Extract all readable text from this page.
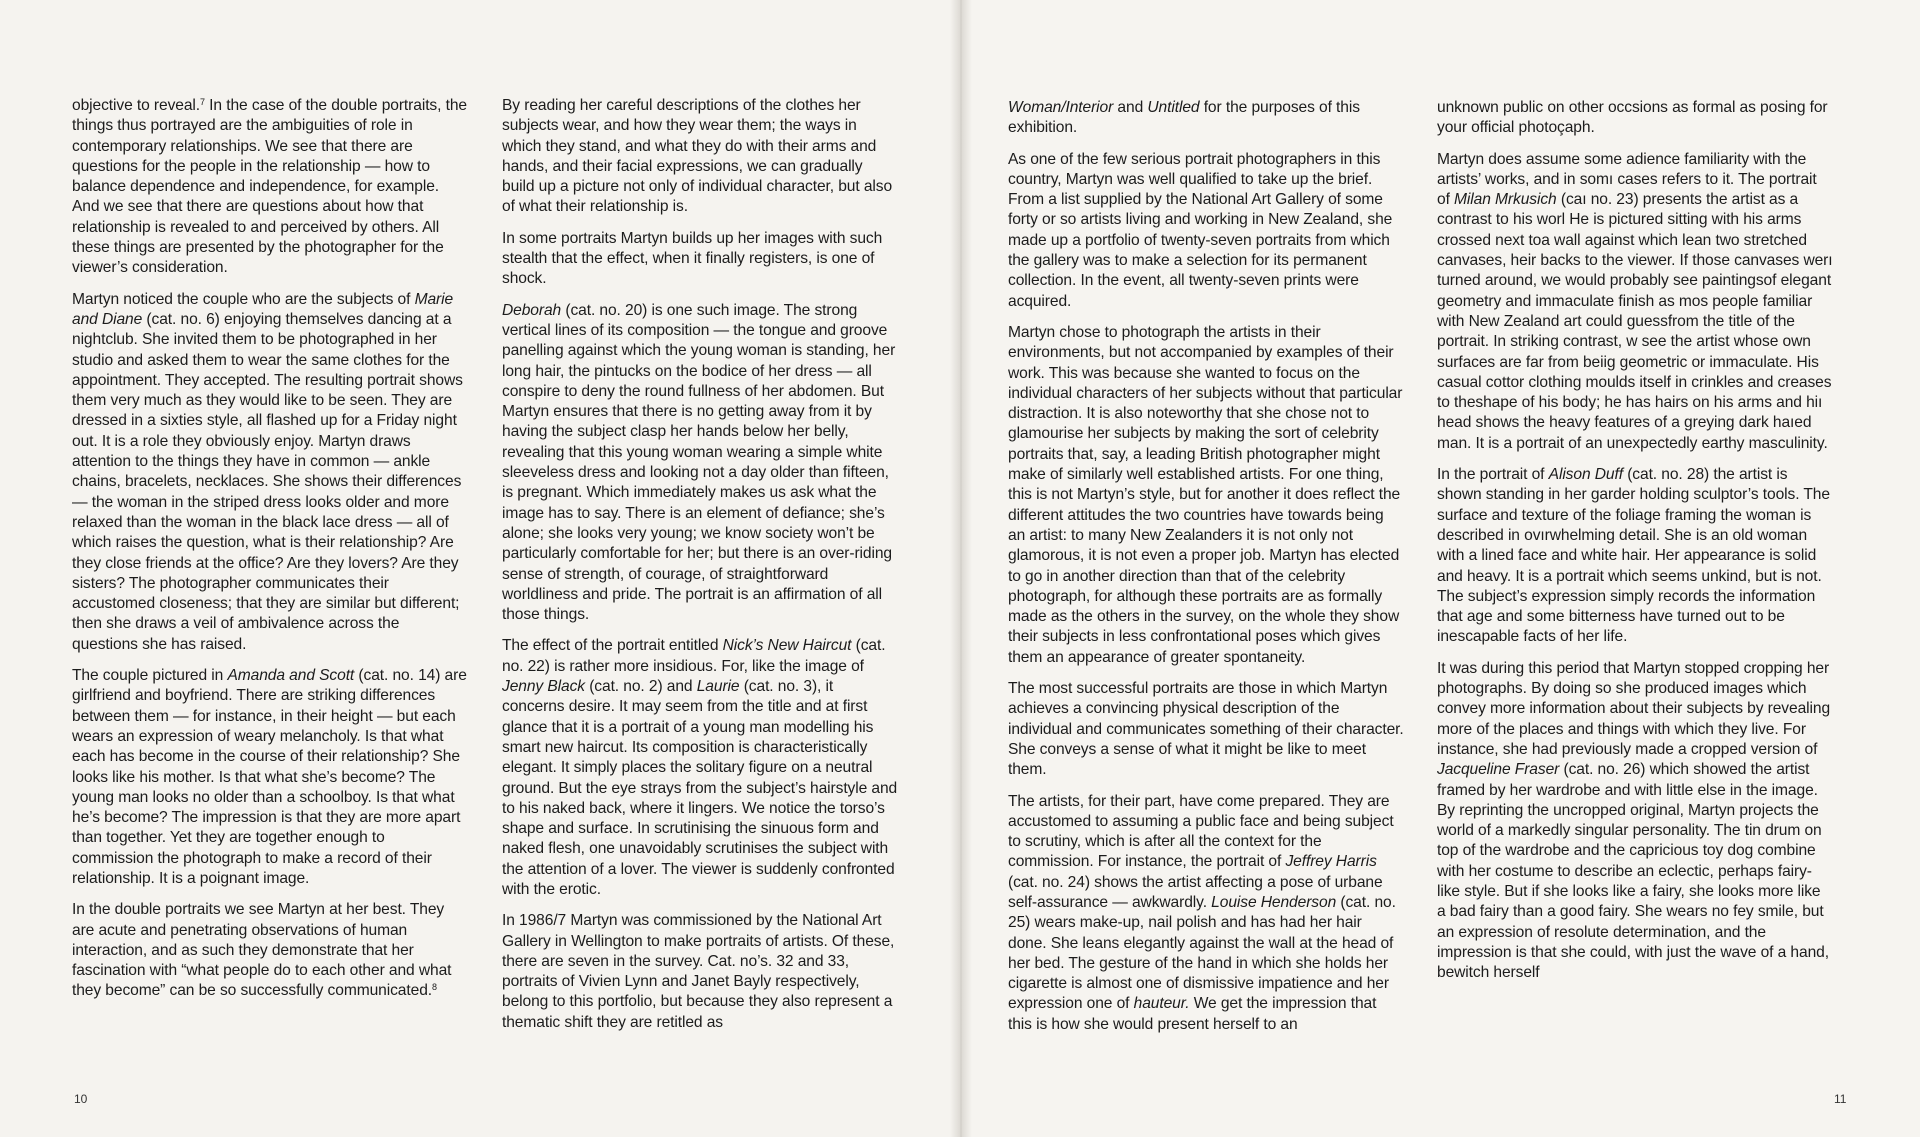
objective to reveal.$^7$ In the case of the double portraits, the things thus portrayed are the ambiguities of role in contemporary relationships. We see that there are questions for the people in the relationship — how to balance dependence and independence, for example. And we see that there are questions about how that relationship is revealed to and perceived by others. All these things are presented by the photographer for the viewer’s consideration.

Martyn noticed the couple who are the subjects of Marie and Diane (cat. no. 6) enjoying themselves dancing at a nightclub. She invited them to be photographed in her studio and asked them to wear the same clothes for the appointment. They accepted. The resulting portrait shows them very much as they would like to be seen. They are dressed in a sixties style, all flashed up for a Friday night out. It is a role they obviously enjoy. Martyn draws attention to the things they have in common — ankle chains, bracelets, necklaces. She shows their differences — the woman in the striped dress looks older and more relaxed than the woman in the black lace dress — all of which raises the question, what is their relationship? Are they close friends at the office? Are they lovers? Are they sisters? The photographer communicates their accustomed closeness; that they are similar but different; then she draws a veil of ambivalence across the questions she has raised.

The couple pictured in Amanda and Scott (cat. no. 14) are girlfriend and boyfriend. There are striking differences between them — for instance, in their height — but each wears an expression of weary melancholy. Is that what each has become in the course of their relationship? She looks like his mother. Is that what she’s become? The young man looks no older than a schoolboy. Is that what he’s become? The impression is that they are more apart than together. Yet they are together enough to commission the photograph to make a record of their relationship. It is a poignant image.

In the double portraits we see Martyn at her best. They are acute and penetrating observations of human interaction, and as such they demonstrate that her fascination with “what people do to each other and what they become” can be so successfully communicated.$^8$

By reading her careful descriptions of the clothes her subjects wear, and how they wear them; the ways in which they stand, and what they do with their arms and hands, and their facial expressions, we can gradually build up a picture not only of individual character, but also of what their relationship is.

In some portraits Martyn builds up her images with such stealth that the effect, when it finally registers, is one of shock.

Deborah (cat. no. 20) is one such image. The strong vertical lines of its composition — the tongue and groove panelling against which the young woman is standing, her long hair, the pintucks on the bodice of her dress — all conspire to deny the round fullness of her abdomen. But Martyn ensures that there is no getting away from it by having the subject clasp her hands below her belly, revealing that this young woman wearing a simple white sleeveless dress and looking not a day older than fifteen, is pregnant. Which immediately makes us ask what the image has to say. There is an element of defiance; she’s alone; she looks very young; we know society won’t be particularly comfortable for her; but there is an over-riding sense of strength, of courage, of straightforward worldliness and pride. The portrait is an affirmation of all those things.

The effect of the portrait entitled Nick’s New Haircut (cat. no. 22) is rather more insidious. For, like the image of Jenny Black (cat. no. 2) and Laurie (cat. no. 3), it concerns desire. It may seem from the title and at first glance that it is a portrait of a young man modelling his smart new haircut. Its composition is characteristically elegant. It simply places the solitary figure on a neutral ground. But the eye strays from the subject’s hairstyle and to his naked back, where it lingers. We notice the torso’s shape and surface. In scrutinising the sinuous form and naked flesh, one unavoidably scrutinises the subject with the attention of a lover. The viewer is suddenly confronted with the erotic.

In 1986/7 Martyn was commissioned by the National Art Gallery in Wellington to make portraits of artists. Of these, there are seven in the survey. Cat. no’s. 32 and 33, portraits of Vivien Lynn and Janet Bayly respectively, belong to this portfolio, but because they also represent a thematic shift they are retitled as

Woman/Interior and Untitled for the purposes of this exhibition.

As one of the few serious portrait photographers in this country, Martyn was well qualified to take up the brief. From a list supplied by the National Art Gallery of some forty or so artists living and working in New Zealand, she made up a portfolio of twenty-seven portraits from which the gallery was to make a selection for its permanent collection. In the event, all twenty-seven prints were acquired.

Martyn chose to photograph the artists in their environments, but not accompanied by examples of their work. This was because she wanted to focus on the individual characters of her subjects without that particular distraction. It is also noteworthy that she chose not to glamourise her subjects by making the sort of celebrity portraits that, say, a leading British photographer might make of similarly well established artists. For one thing, this is not Martyn’s style, but for another it does reflect the different attitudes the two countries have towards being an artist: to many New Zealanders it is not only not glamorous, it is not even a proper job. Martyn has elected to go in another direction than that of the celebrity photograph, for although these portraits are as formally made as the others in the survey, on the whole they show their subjects in less confrontational poses which gives them an appearance of greater spontaneity.

The most successful portraits are those in which Martyn achieves a convincing physical description of the individual and communicates something of their character. She conveys a sense of what it might be like to meet them.

The artists, for their part, have come prepared. They are accustomed to assuming a public face and being subject to scrutiny, which is after all the context for the commission. For instance, the portrait of Jeffrey Harris (cat. no. 24) shows the artist affecting a pose of urbane self-assurance — awkwardly. Louise Henderson (cat. no. 25) wears make-up, nail polish and has had her hair done. She leans elegantly against the wall at the head of her bed. The gesture of the hand in which she holds her cigarette is almost one of dismissive impatience and her expression one of hauteur. We get the impression that this is how she would present herself to an

unknown public on other occsions as formal as posing for your official photoçaph.

Martyn does assume some adience familiarity with the artists’ works, and in somı cases refers to it. The portrait of Milan Mrkusich (caı no. 23) presents the artist as a contrast to his worl He is pictured sitting with his arms crossed next toa wall against which lean two stretched canvases, heir backs to the viewer. If those canvases werı turned around, we would probably see paintingsof elegant geometry and immaculate finish as mos people familiar with New Zealand art could guessfrom the title of the portrait. In striking contrast, w see the artist whose own surfaces are far from beiig geometric or immaculate. His casual cottor clothing moulds itself in crinkles and creases to theshape of his body; he has hairs on his arms and hiı head shows the heavy features of a greying dark haıed man. It is a portrait of an unexpectedly earthy masculinity.

In the portrait of Alison Duff (cat. no. 28) the artist is shown standing in her garder holding sculptor’s tools. The surface and texture of the foliage framing the woman is described in ovırwhelming detail. She is an old woman with a lined face and white hair. Her appearance is solid and heavy. It is a portrait which seems unkind, but is not. The subject’s expression simply records the information that age and some bitterness have turned out to be inescapable facts of her life.

It was during this period that Martyn stopped cropping her photographs. By doing so she produced images which convey more information about their subjects by revealing more of the places and things with which they live. For instance, she had previously made a cropped version of Jacqueline Fraser (cat. no. 26) which showed the artist framed by her wardrobe and with little else in the image. By reprinting the uncropped original, Martyn projects the world of a markedly singular personality. The tin drum on top of the wardrobe and the capricious toy dog combine with her costume to describe an eclectic, perhaps fairy-like style. But if she looks like a fairy, she looks more like a bad fairy than a good fairy. She wears no fey smile, but an expression of resolute determination, and the impression is that she could, with just the wave of a hand, bewitch herself

10	11
